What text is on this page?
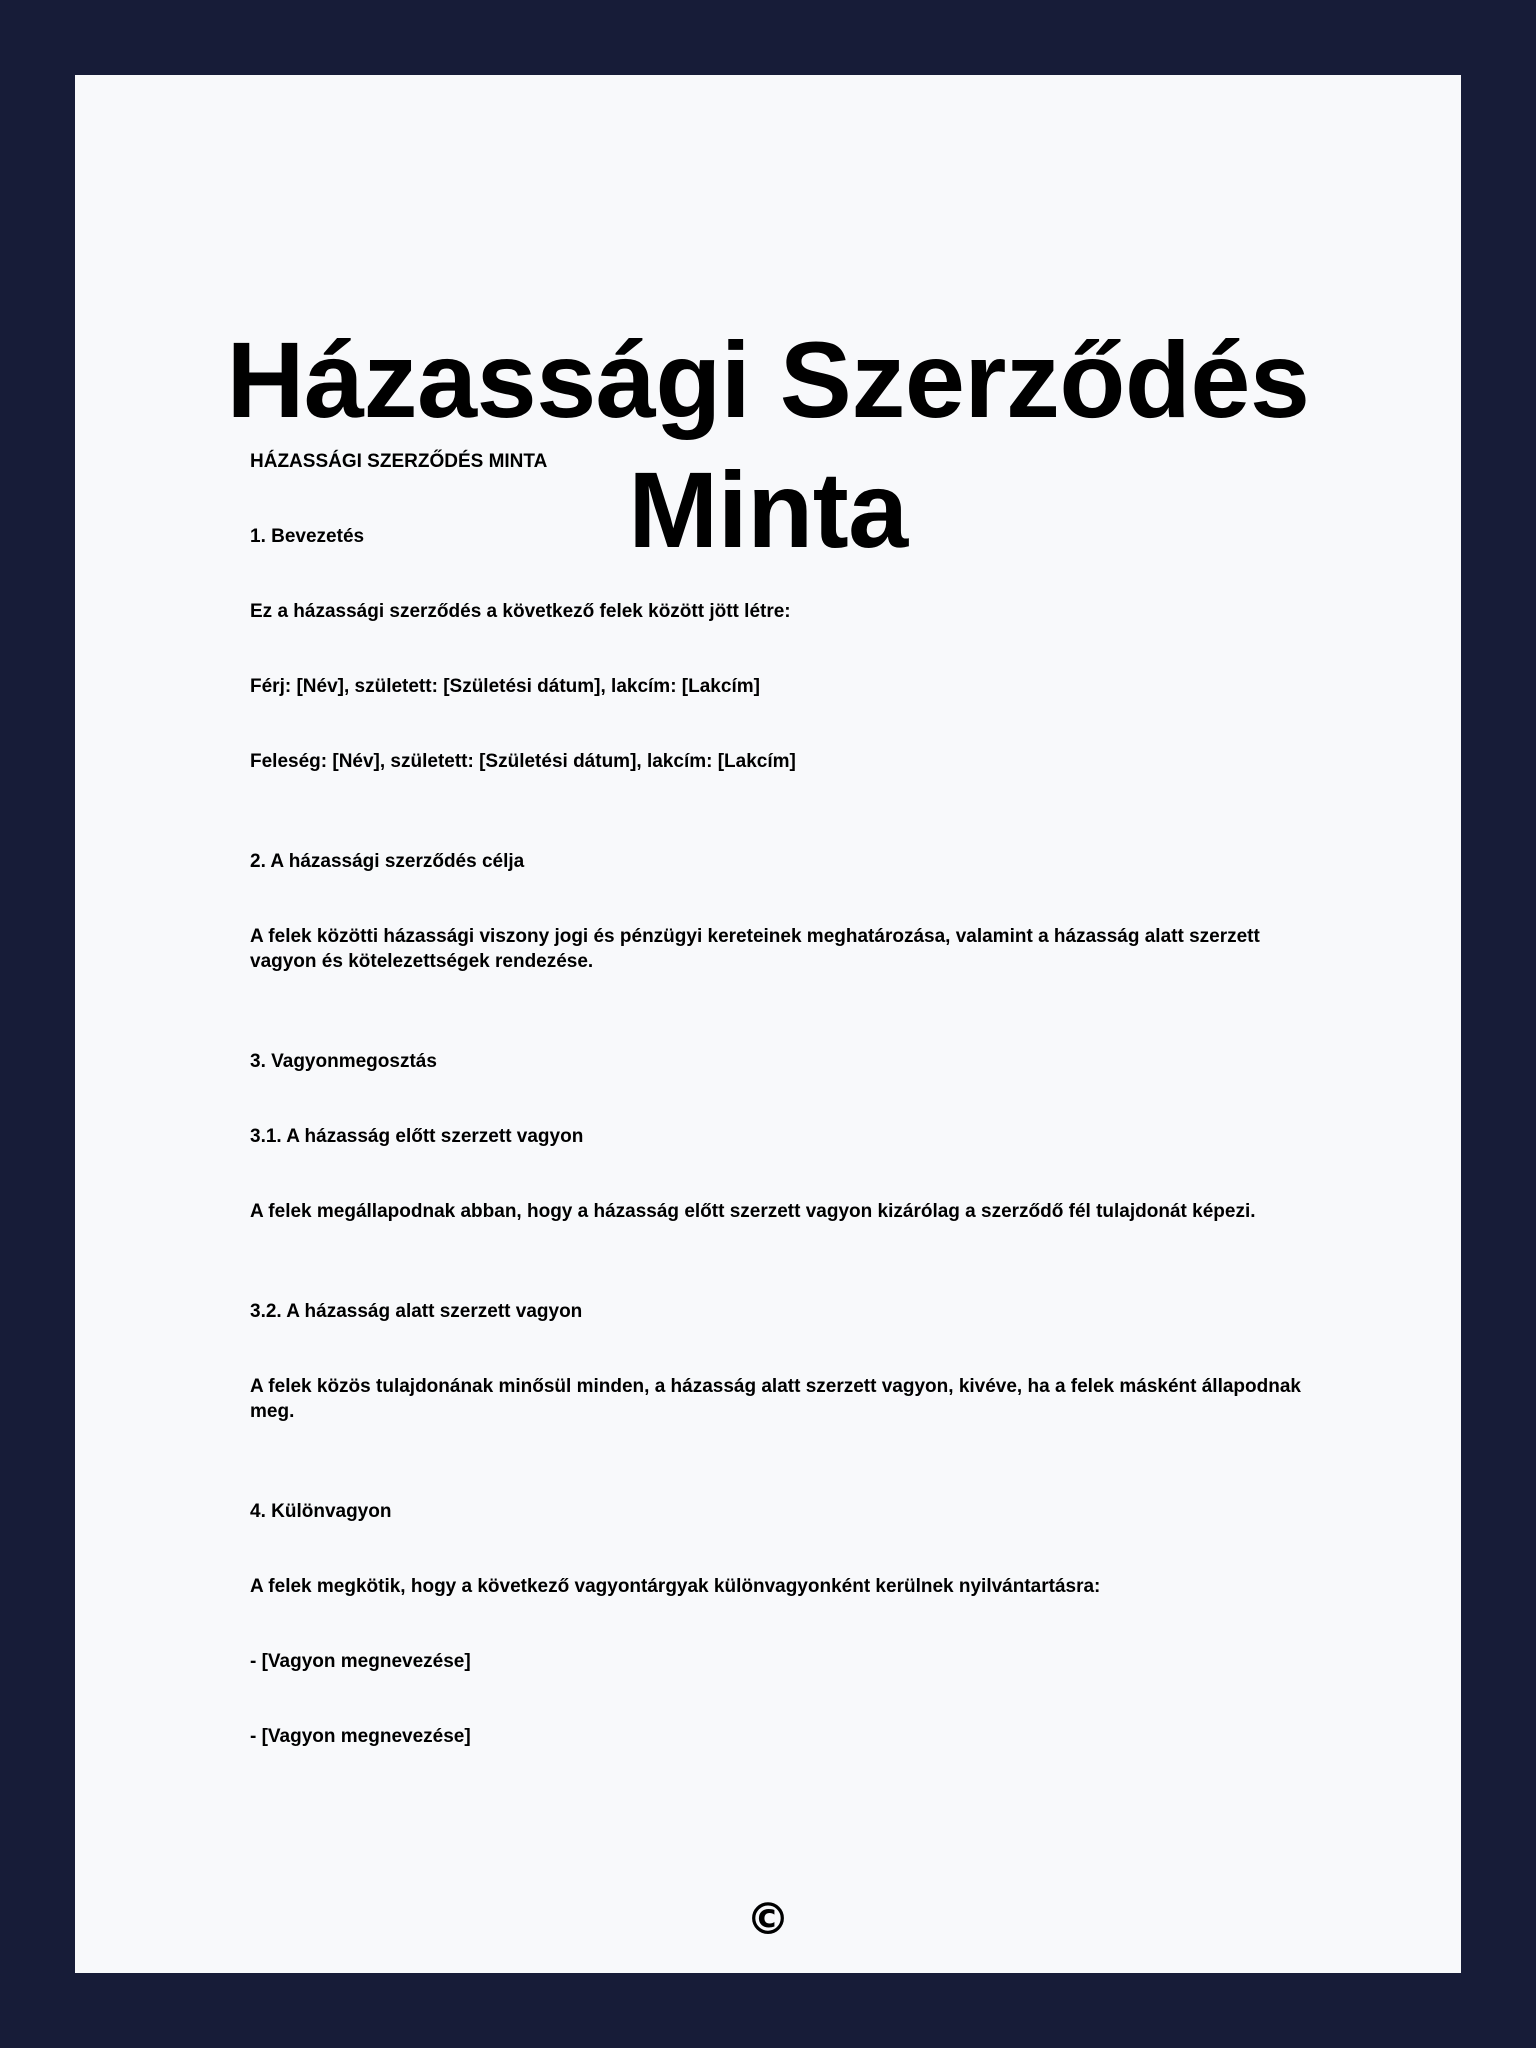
Házassági Szerződés Minta

HÁZASSÁGI SZERZŐDÉS MINTA

1. Bevezetés

Ez a házassági szerződés a következő felek között jött létre:

Férj: [Név], született: [Születési dátum], lakcím: [Lakcím]

Feleség: [Név], született: [Születési dátum], lakcím: [Lakcím]

2. A házassági szerződés célja

A felek közötti házassági viszony jogi és pénzügyi kereteinek meghatározása, valamint a házasság alatt szerzett vagyon és kötelezettségek rendezése.

3. Vagyonmegosztás

3.1. A házasság előtt szerzett vagyon

A felek megállapodnak abban, hogy a házasság előtt szerzett vagyon kizárólag a szerződő fél tulajdonát képezi.

3.2. A házasság alatt szerzett vagyon

A felek közös tulajdonának minősül minden, a házasság alatt szerzett vagyon, kivéve, ha a felek másként állapodnak meg.

4. Különvagyon

A felek megkötik, hogy a következő vagyontárgyak különvagyonként kerülnek nyilvántartásra:

- [Vagyon megnevezése]

- [Vagyon megnevezése]

©
